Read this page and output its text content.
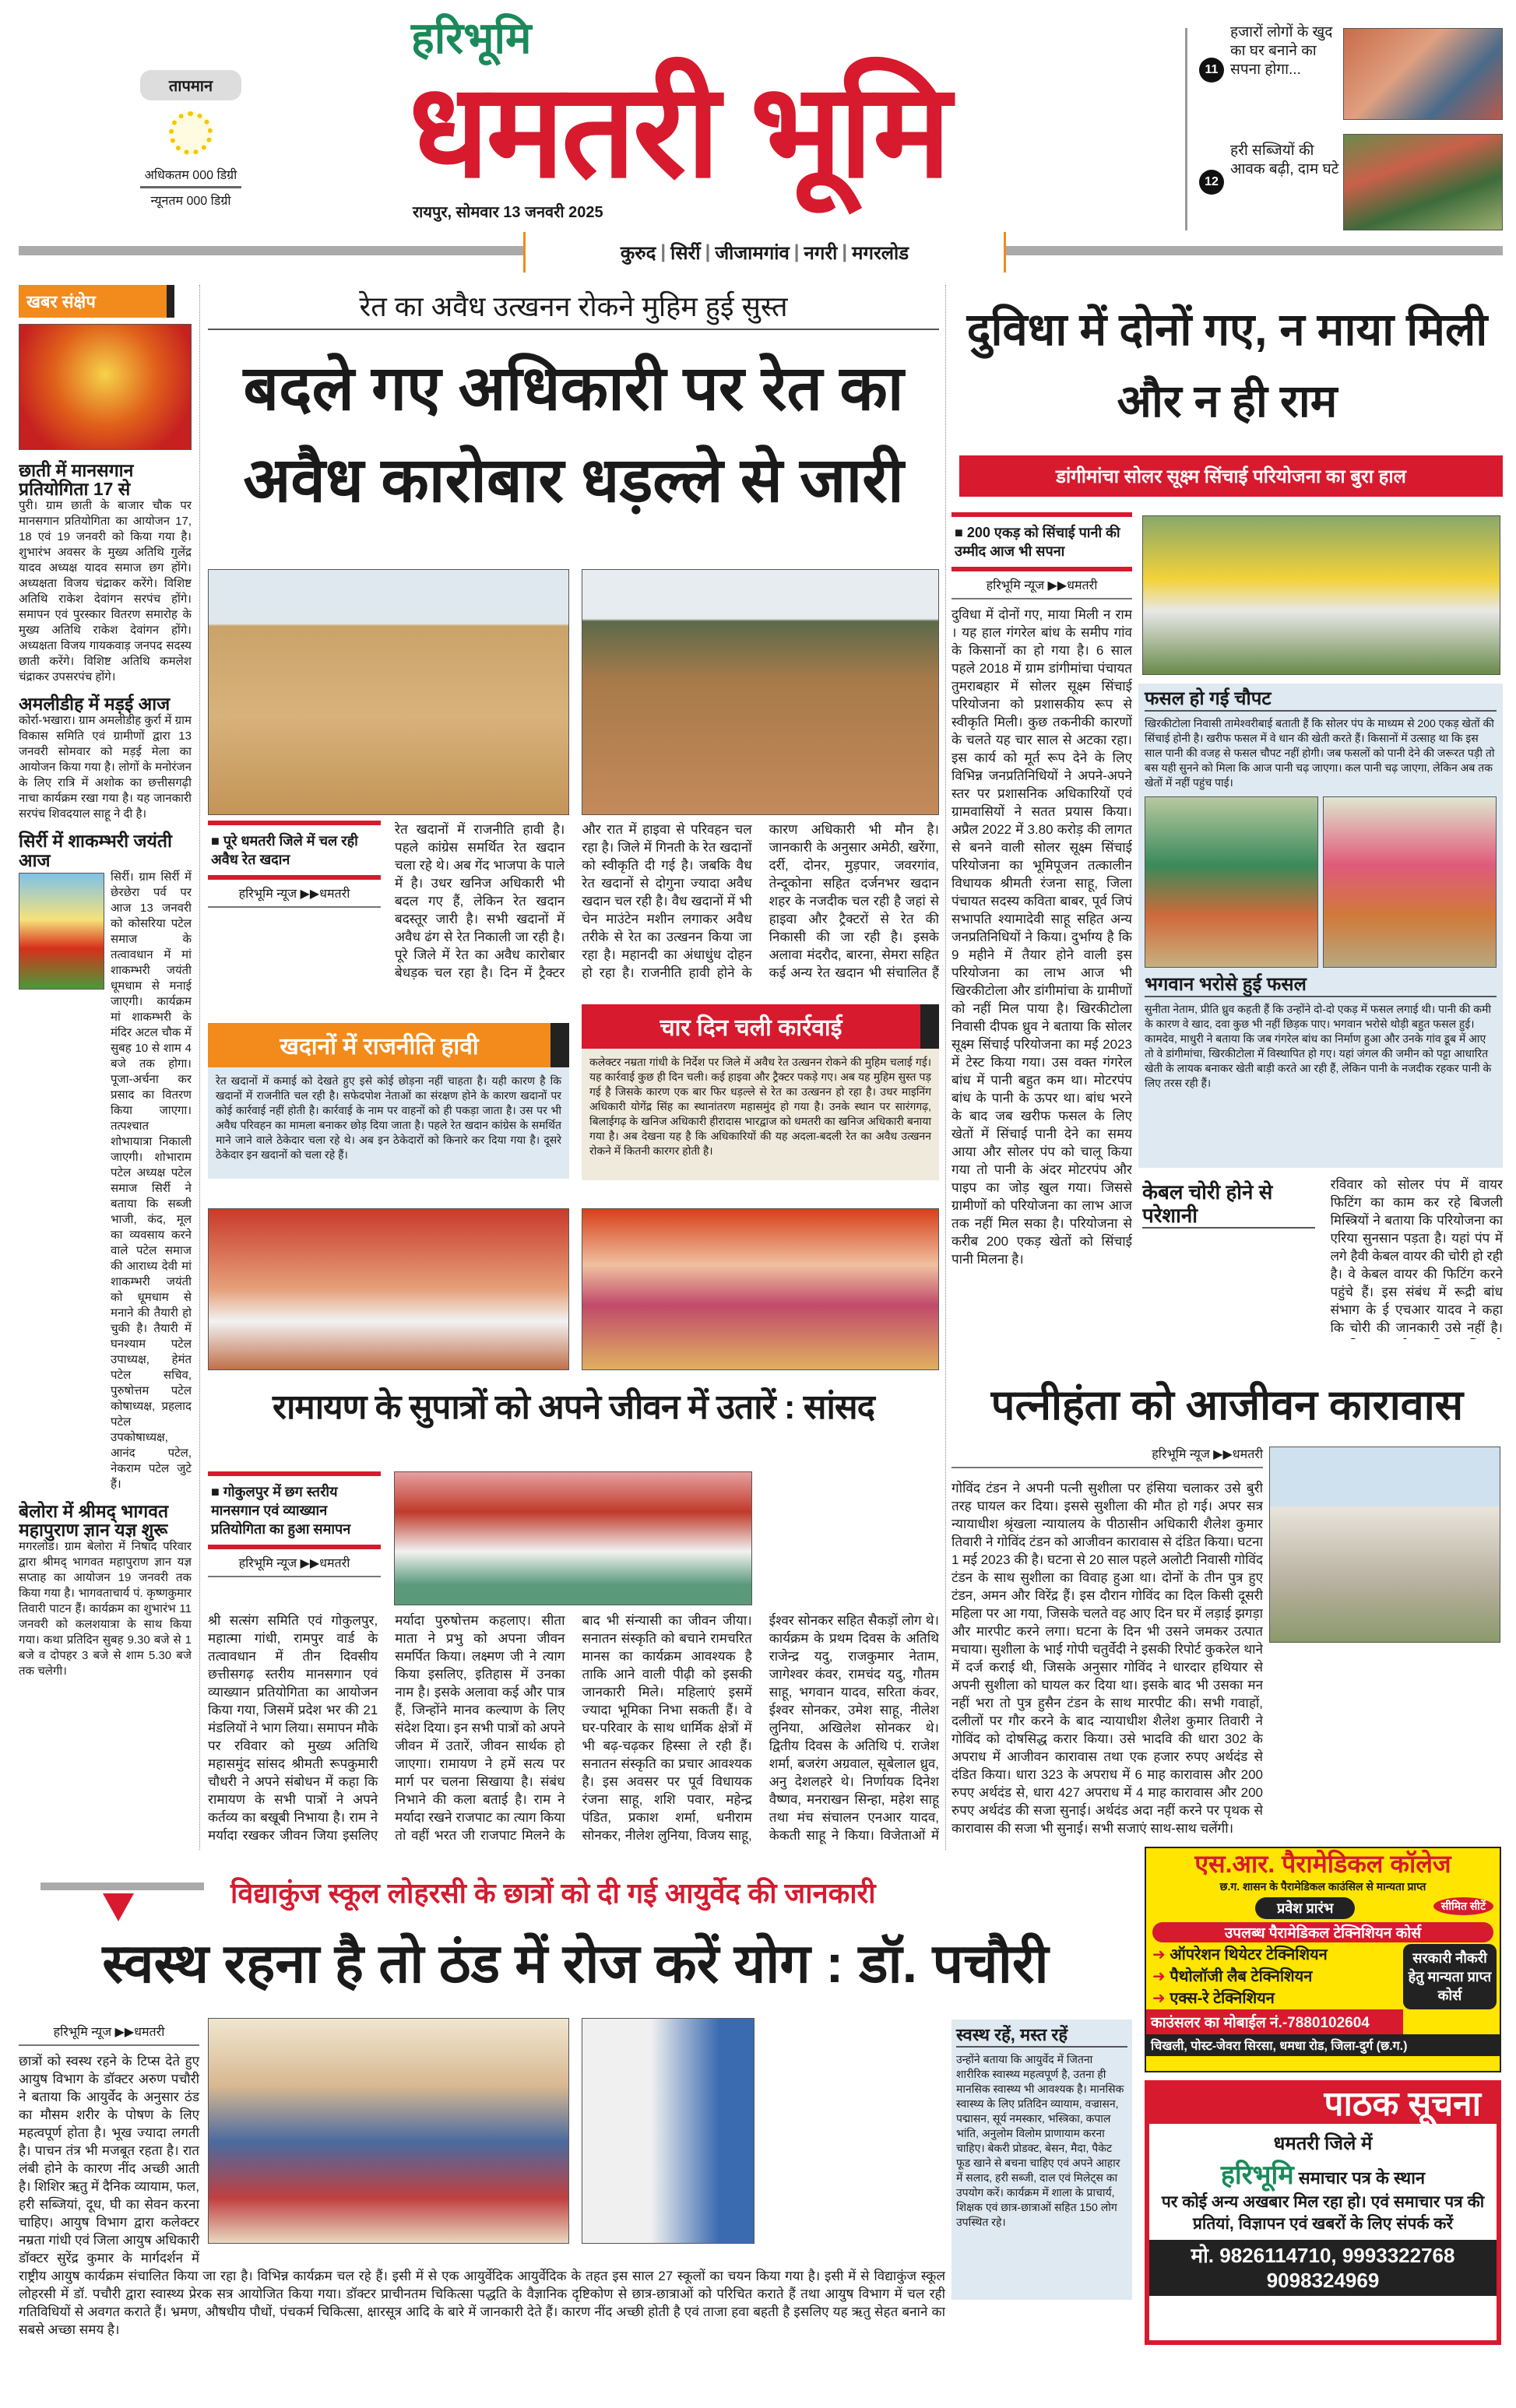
तापमान
अधिकतम 000 डिग्री
न्यूनतम 000 डिग्री
हरिभूमि
धमतरी भूमि
रायपुर, सोमवार 13 जनवरी 2025
11
हजारों लोगों के खुद का घर बनाने का सपना होगा...
12
हरी सब्जियों की आवक बढ़ी, दाम घटे
कुरुद | सिर्री | जीजामगांव | नगरी | मगरलोड
खबर संक्षेप
छाती में मानसगान प्रतियोगिता 17 से

पुरी। ग्राम छाती के बाजार चौक पर मानसगान प्रतियोगिता का आयोजन 17, 18 एवं 19 जनवरी को किया गया है। शुभारंभ अवसर के मुख्य अतिथि गुलेंद्र यादव अध्यक्ष यादव समाज छग होंगे। अध्यक्षता विजय चंद्राकर करेंगे। विशिष्ट अतिथि राकेश देवांगन सरपंच होंगे। समापन एवं पुरस्कार वितरण समारोह के मुख्य अतिथि राकेश देवांगन होंगे। अध्यक्षता विजय गायकवाड़ जनपद सदस्य छाती करेंगे। विशिष्ट अतिथि कमलेश चंद्राकर उपसरपंच होंगे।

अमलीडीह में मड़ई आज

कोर्रा-भखारा। ग्राम अमलीडीह कुर्रा में ग्राम विकास समिति एवं ग्रामीणों द्वारा 13 जनवरी सोमवार को मड़ई मेला का आयोजन किया गया है। लोगों के मनोरंजन के लिए रात्रि में अशोक का छत्तीसगढ़ी नाचा कार्यक्रम रखा गया है। यह जानकारी सरपंच शिवदयाल साहू ने दी है।

सिर्री में शाकम्भरी जयंती आज

सिर्री। ग्राम सिर्री में छेरछेरा पर्व पर आज 13 जनवरी को कोसरिया पटेल समाज के तत्वावधान में मां शाकम्भरी जयंती धूमधाम से मनाई जाएगी। कार्यक्रम मां शाकम्भरी के मंदिर अटल चौक में सुबह 10 से शाम 4 बजे तक होगा। पूजा-अर्चना कर प्रसाद का वितरण किया जाएगा। तत्पश्चात शोभायात्रा निकाली जाएगी। शोभाराम पटेल अध्यक्ष पटेल समाज सिर्री ने बताया कि सब्जी भाजी, कंद, मूल का व्यवसाय करने वाले पटेल समाज की आराध्य देवी मां शाकम्भरी जयंती को धूमधाम से मनाने की तैयारी हो चुकी है। तैयारी में घनश्याम पटेल उपाध्यक्ष, हेमंत पटेल सचिव, पुरुषोत्तम पटेल कोषाध्यक्ष, प्रहलाद पटेल उपकोषाध्यक्ष, आनंद पटेल, नेकराम पटेल जुटे हैं।

बेलोरा में श्रीमद् भागवत महापुराण ज्ञान यज्ञ शुरू

मगरलोड। ग्राम बेलोरा में निषाद परिवार द्वारा श्रीमद् भागवत महापुराण ज्ञान यज्ञ सप्ताह का आयोजन 19 जनवरी तक किया गया है। भागवताचार्य पं. कृष्णकुमार तिवारी पाटन हैं। कार्यक्रम का शुभारंभ 11 जनवरी को कलशयात्रा के साथ किया गया। कथा प्रतिदिन सुबह 9.30 बजे से 1 बजे व दोपहर 3 बजे से शाम 5.30 बजे तक चलेगी।

रेत का अवैध उत्खनन रोकने मुहिम हुई सुस्त
बदले गए अधिकारी पर रेत का अवैध कारोबार धड़ल्ले से जारी
■ पूरे धमतरी जिले में चल रही अवैध रेत खदान
हरिभूमि न्यूज ▶▶धमतरी
रेत खदानों में राजनीति हावी है। पहले कांग्रेस समर्थित रेत खदान चला रहे थे। अब गेंद भाजपा के पाले में है। उधर खनिज अधिकारी भी बदल गए हैं, लेकिन रेत खदान बदस्तूर जारी है। सभी खदानों में अवैध ढंग से रेत निकाली जा रही है। पूरे जिले में रेत का अवैध कारोबार बेधड़क चल रहा है। दिन में ट्रैक्टर और रात में हाइवा से परिवहन चल रहा है। जिले में गिनती के रेत खदानों को स्वीकृति दी गई है। जबकि वैध रेत खदानों से दोगुना ज्यादा अवैध खदान चल रही है। वैध खदानों में भी चेन माउंटेन मशीन लगाकर अवैध तरीके से रेत का उत्खनन किया जा रहा है। महानदी का अंधाधुंध दोहन हो रहा है। राजनीति हावी होने के कारण अधिकारी भी मौन है। जानकारी के अनुसार अमेठी, खरेंगा, दर्री, दोनर, मुड़पार, जवरगांव, तेन्दूकोना सहित दर्जनभर खदान शहर के नजदीक चल रही है जहां से हाइवा और ट्रैक्टरों से रेत की निकासी की जा रही है। इसके अलावा मंदरौद, बारना, सेमरा सहित कई अन्य रेत खदान भी संचालित हैं
खदानों में राजनीति हावी

रेत खदानों में कमाई को देखते हुए इसे कोई छोड़ना नहीं चाहता है। यही कारण है कि खदानों में राजनीति चल रही है। सफेदपोश नेताओं का संरक्षण होने के कारण खदानों पर कोई कार्रवाई नहीं होती है। कार्रवाई के नाम पर वाहनों को ही पकड़ा जाता है। उस पर भी अवैध परिवहन का मामला बनाकर छोड़ दिया जाता है। पहले रेत खदान कांग्रेस के समर्थित माने जाने वाले ठेकेदार चला रहे थे। अब इन ठेकेदारों को किनारे कर दिया गया है। दूसरे ठेकेदार इन खदानों को चला रहे हैं।

चार दिन चली कार्रवाई

कलेक्टर नम्रता गांधी के निर्देश पर जिले में अवैध रेत उत्खनन रोकने की मुहिम चलाई गई। यह कार्रवाई कुछ ही दिन चली। कई हाइवा और ट्रैक्टर पकड़े गए। अब यह मुहिम सुस्त पड़ गई है जिसके कारण एक बार फिर धड़ल्ले से रेत का उत्खनन हो रहा है। उधर माइनिंग अधिकारी योगेंद्र सिंह का स्थानांतरण महासमुंद हो गया है। उनके स्थान पर सारंगगढ़, बिलाईगढ़ के खनिज अधिकारी हीरादास भारद्वाज को धमतरी का खनिज अधिकारी बनाया गया है। अब देखना यह है कि अधिकारियों की यह अदला-बदली रेत का अवैध उत्खनन रोकने में कितनी कारगर होती है।

रामायण के सुपात्रों को अपने जीवन में उतारें : सांसद
■ गोकुलपुर में छग स्तरीय मानसगान एवं व्याख्यान प्रतियोगिता का हुआ समापन
हरिभूमि न्यूज ▶▶धमतरी
श्री सत्संग समिति एवं गोकुलपुर, महात्मा गांधी, रामपुर वार्ड के तत्वावधान में तीन दिवसीय छत्तीसगढ़ स्तरीय मानसगान एवं व्याख्यान प्रतियोगिता का आयोजन किया गया, जिसमें प्रदेश भर की 21 मंडलियों ने भाग लिया। समापन मौके पर रविवार को मुख्य अतिथि महासमुंद सांसद श्रीमती रूपकुमारी चौधरी ने अपने संबोधन में कहा कि रामायण के सभी पात्रों ने अपने कर्तव्य का बखूबी निभाया है। राम ने मर्यादा रखकर जीवन जिया इसलिए मर्यादा पुरुषोत्तम कहलाए। सीता माता ने प्रभु को अपना जीवन समर्पित किया। लक्ष्मण जी ने त्याग किया इसलिए, इतिहास में उनका नाम है। इसके अलावा कई और पात्र हैं, जिन्होंने मानव कल्याण के लिए संदेश दिया। इन सभी पात्रों को अपने जीवन में उतारें, जीवन सार्थक हो जाएगा। रामायण ने हमें सत्य पर मार्ग पर चलना सिखाया है। संबंध निभाने की कला बताई है। राम ने मर्यादा रखने राजपाट का त्याग किया तो वहीं भरत जी राजपाट मिलने के बाद भी संन्यासी का जीवन जीया। सनातन संस्कृति को बचाने रामचरित मानस का कार्यक्रम आवश्यक है ताकि आने वाली पीढ़ी को इसकी जानकारी मिले। महिलाएं इसमें ज्यादा भूमिका निभा सकती हैं। वे घर-परिवार के साथ धार्मिक क्षेत्रों में भी बढ़-चढ़कर हिस्सा ले रही हैं। सनातन संस्कृति का प्रचार आवश्यक है। इस अवसर पर पूर्व विधायक रंजना साहू, शशि पवार, महेन्द्र पंडित, प्रकाश शर्मा, धनीराम सोनकर, नीलेश लुनिया, विजय साहू, ईश्वर सोनकर सहित सैकड़ों लोग थे। कार्यक्रम के प्रथम दिवस के अतिथि राजेन्द्र यदु, राजकुमार नेताम, जागेश्वर कंवर, रामचंद यदु, गौतम साहू, भगवान यादव, सरिता कंवर, ईश्वर सोनकर, उमेश साहू, नीलेश लुनिया, अखिलेश सोनकर थे। द्वितीय दिवस के अतिथि पं. राजेश शर्मा, बजरंग अग्रवाल, सूबेलाल ध्रुव, अनु देशलहरे थे। निर्णायक दिनेश वैष्णव, मनराखन सिन्हा, महेश साहू तथा मंच संचालन एनआर यादव, केकती साहू ने किया। विजेताओं में
दुविधा में दोनों गए, न माया मिली और न ही राम
डांगीमांचा सोलर सूक्ष्म सिंचाई परियोजना का बुरा हाल
■ 200 एकड़ को सिंचाई पानी की उम्मीद आज भी सपना
हरिभूमि न्यूज ▶▶धमतरी

दुविधा में दोनों गए, माया मिली न राम । यह हाल गंगरेल बांध के समीप गांव के किसानों का हो गया है। 6 साल पहले 2018 में ग्राम डांगीमांचा पंचायत तुमराबहार में सोलर सूक्ष्म सिंचाई परियोजना को प्रशासकीय रूप से स्वीकृति मिली। कुछ तकनीकी कारणों के चलते यह चार साल से अटका रहा। इस कार्य को मूर्त रूप देने के लिए विभिन्न जनप्रतिनिधियों ने अपने-अपने स्तर पर प्रशासनिक अधिकारियों एवं ग्रामवासियों ने सतत प्रयास किया। अप्रैल 2022 में 3.80 करोड़ की लागत से बनने वाली सोलर सूक्ष्म सिंचाई परियोजना का भूमिपूजन तत्कालीन विधायक श्रीमती रंजना साहू, जिला पंचायत सदस्य कविता बाबर, पूर्व जिपं सभापति श्यामादेवी साहू सहित अन्य जनप्रतिनिधियों ने किया। दुर्भाग्य है कि 9 महीने में तैयार होने वाली इस परियोजना का लाभ आज भी खिरकीटोला और डांगीमांचा के ग्रामीणों को नहीं मिल पाया है। खिरकीटोला निवासी दीपक ध्रुव ने बताया कि सोलर सूक्ष्म सिंचाई परियोजना का मई 2023 में टेस्ट किया गया। उस वक्त गंगरेल बांध में पानी बहुत कम था। मोटरपंप बांध के पानी के ऊपर था। बांध भरने के बाद जब खरीफ फसल के लिए खेतों में सिंचाई पानी देने का समय आया और सोलर पंप को चालू किया गया तो पानी के अंदर मोटरपंप और पाइप का जोड़ खुल गया। जिससे ग्रामीणों को परियोजना का लाभ आज तक नहीं मिल सका है। परियोजना से करीब 200 एकड़ खेतों को सिंचाई पानी मिलना है।

फसल हो गई चौपट

खिरकीटोला निवासी तामेश्वरीबाई बताती हैं कि सोलर पंप के माध्यम से 200 एकड़ खेतों की सिंचाई होनी है। खरीफ फसल में वे धान की खेती करते हैं। किसानों में उत्साह था कि इस साल पानी की वजह से फसल चौपट नहीं होगी। जब फसलों को पानी देने की जरूरत पड़ी तो बस यही सुनने को मिला कि आज पानी चढ़ जाएगा। कल पानी चढ़ जाएगा, लेकिन अब तक खेतों में नहीं पहुंच पाई।

भगवान भरोसे हुई फसल

सुनीता नेताम, प्रीति ध्रुव कहती हैं कि उन्होंने दो-दो एकड़ में फसल लगाई थी। पानी की कमी के कारण वे खाद, दवा कुछ भी नहीं छिड़क पाए। भगवान भरोसे थोड़ी बहुत फसल हुई। कामदेव, माधुरी ने बताया कि जब गंगरेल बांध का निर्माण हुआ और उनके गांव डूब में आए तो वे डांगीमांचा, खिरकीटोला में विस्थापित हो गए। यहां जंगल की जमीन को पट्टा आधारित खेती के लायक बनाकर खेती बाड़ी करते आ रही हैं, लेकिन पानी के नजदीक रहकर पानी के लिए तरस रही हैं।

केबल चोरी होने से परेशानी

रविवार को सोलर पंप में वायर फिटिंग का काम कर रहे बिजली मिस्त्रियों ने बताया कि परियोजना का एरिया सुनसान पड़ता है। यहां पंप में लगे हैवी केबल वायर की चोरी हो रही है। वे केबल वायर की फिटिंग करने पहुंचे हैं। इस संबंध में रूद्री बांध संभाग के ई एचआर यादव ने कहा कि चोरी की जानकारी उसे नहीं है।

पत्नीहंता को आजीवन कारावास
हरिभूमि न्यूज ▶▶धमतरी
गोविंद टंडन ने अपनी पत्नी सुशीला पर हंसिया चलाकर उसे बुरी तरह घायल कर दिया। इससे सुशीला की मौत हो गई। अपर सत्र न्यायाधीश श्रृंखला न्यायालय के पीठासीन अधिकारी शैलेश कुमार तिवारी ने गोविंद टंडन को आजीवन कारावास से दंडित किया। घटना 1 मई 2023 की है। घटना से 20 साल पहले अलोटी निवासी गोविंद टंडन के साथ सुशीला का विवाह हुआ था। दोनों के तीन पुत्र हुए टंडन, अमन और विरेंद्र हैं। इस दौरान गोविंद का दिल किसी दूसरी महिला पर आ गया, जिसके चलते वह आए दिन घर में लड़ाई झगड़ा और मारपीट करने लगा। घटना के दिन भी उसने जमकर उत्पात मचाया। सुशीला के भाई गोपी चतुर्वेदी ने इसकी रिपोर्ट कुकरेल थाने में दर्ज कराई थी, जिसके अनुसार गोविंद ने धारदार हथियार से अपनी सुशीला को घायल कर दिया था। इसके बाद भी उसका मन नहीं भरा तो पुत्र हुसैन टंडन के साथ मारपीट की। सभी गवाहों, दलीलों पर गौर करने के बाद न्यायाधीश शैलेश कुमार तिवारी ने गोविंद को दोषसिद्ध करार किया। उसे भादवि की धारा 302 के अपराध में आजीवन कारावास तथा एक हजार रुपए अर्थदंड से दंडित किया। धारा 323 के अपराध में 6 माह कारावास और 200 रुपए अर्थदंड से, धारा 427 अपराध में 4 माह कारावास और 200 रुपए अर्थदंड की सजा सुनाई। अर्थदंड अदा नहीं करने पर पृथक से कारावास की सजा भी सुनाई। सभी सजाएं साथ-साथ चलेंगी।
विद्याकुंज स्कूल लोहरसी के छात्रों को दी गई आयुर्वेद की जानकारी
स्वस्थ रहना है तो ठंड में रोज करें योग : डॉ. पचौरी
हरिभूमि न्यूज ▶▶धमतरी

छात्रों को स्वस्थ रहने के टिप्स देते हुए आयुष विभाग के डॉक्टर अरुण पचौरी ने बताया कि आयुर्वेद के अनुसार ठंड का मौसम शरीर के पोषण के लिए महत्वपूर्ण होता है। भूख ज्यादा लगती है। पाचन तंत्र भी मजबूत रहता है। रात लंबी होने के कारण नींद अच्छी आती है। शिशिर ऋतु में दैनिक व्यायाम, फल, हरी सब्जियां, दूध, घी का सेवन करना चाहिए। आयुष विभाग द्वारा कलेक्टर नम्रता गांधी एवं जिला आयुष अधिकारी डॉक्टर सुरेंद्र कुमार के मार्गदर्शन में राष्ट्रीय आयुष कार्यक्रम संचालित किया जा रहा है। विभिन्न कार्यक्रम चल रहे हैं। इसी में से एक आयुर्वेदिक आयुर्वेदिक के तहत इस साल 27 स्कूलों का चयन किया गया है। इसी में से विद्याकुंज स्कूल लोहरसी में डॉ. पचौरी द्वारा स्वास्थ्य प्रेरक सत्र आयोजित किया गया। डॉक्टर प्राचीनतम चिकित्सा पद्धति के वैज्ञानिक दृष्टिकोण से छात्र-छात्राओं को परिचित कराते हैं तथा आयुष विभाग में चल रही गतिविधियों से अवगत कराते हैं। भ्रमण, औषधीय पौधों, पंचकर्म चिकित्सा, क्षारसूत्र आदि के बारे में जानकारी देते हैं। कारण नींद अच्छी होती है एवं ताजा हवा बहती है इसलिए यह ऋतु सेहत बनाने का सबसे अच्छा समय है।

स्वस्थ रहें, मस्त रहें

उन्होंने बताया कि आयुर्वेद में जितना शारीरिक स्वास्थ्य महत्वपूर्ण है, उतना ही मानसिक स्वास्थ्य भी आवश्यक है। मानसिक स्वास्थ्य के लिए प्रतिदिन व्यायाम, वज्रासन, पद्मासन, सूर्य नमस्कार, भस्त्रिका, कपाल भांति, अनुलोम विलोम प्राणायाम करना चाहिए। बेकरी प्रोडक्ट, बेसन, मैदा, पैकेट फूड खाने से बचना चाहिए एवं अपने आहार में सलाद, हरी सब्जी, दाल एवं मिलेट्स का उपयोग करें। कार्यक्रम में शाला के प्राचार्य, शिक्षक एवं छात्र-छात्राओं सहित 150 लोग उपस्थित रहे।

एस.आर. पैरामेडिकल कॉलेज
छ.ग. शासन के पैरामेडिकल काउंसिल से मान्यता प्राप्त
प्रवेश प्रारंभ	सीमित सीटें
उपलब्ध पैरामेडिकल टेक्निशियन कोर्स
➜ ऑपरेशन थियेटर टेक्निशियन
➜ पैथोलॉजी लैब टेक्निशियन
➜ एक्स-रे टेक्निशियन
सरकारी नौकरी हेतु मान्यता प्राप्त कोर्स
काउंसलर का मोबाईल नं.-7880102604
चिखली, पोस्ट-जेवरा सिरसा, धमधा रोड, जिला-दुर्ग (छ.ग.)
पाठक सूचना
धमतरी जिले में
हरिभूमि समाचार पत्र के स्थान
पर कोई अन्य अखबार मिल रहा हो। एवं समाचार पत्र की प्रतियां, विज्ञापन एवं खबरों के लिए संपर्क करें
मो. 9826114710, 9993322768
9098324969
